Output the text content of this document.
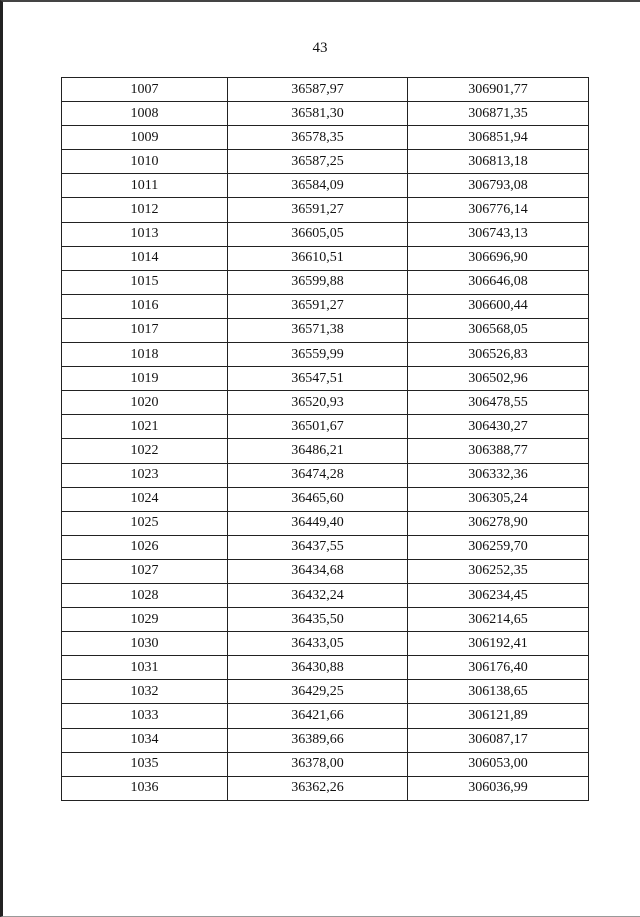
43
1007	36587,97	306901,77
1008	36581,30	306871,35
1009	36578,35	306851,94
1010	36587,25	306813,18
1011	36584,09	306793,08
1012	36591,27	306776,14
1013	36605,05	306743,13
1014	36610,51	306696,90
1015	36599,88	306646,08
1016	36591,27	306600,44
1017	36571,38	306568,05
1018	36559,99	306526,83
1019	36547,51	306502,96
1020	36520,93	306478,55
1021	36501,67	306430,27
1022	36486,21	306388,77
1023	36474,28	306332,36
1024	36465,60	306305,24
1025	36449,40	306278,90
1026	36437,55	306259,70
1027	36434,68	306252,35
1028	36432,24	306234,45
1029	36435,50	306214,65
1030	36433,05	306192,41
1031	36430,88	306176,40
1032	36429,25	306138,65
1033	36421,66	306121,89
1034	36389,66	306087,17
1035	36378,00	306053,00
1036	36362,26	306036,99
